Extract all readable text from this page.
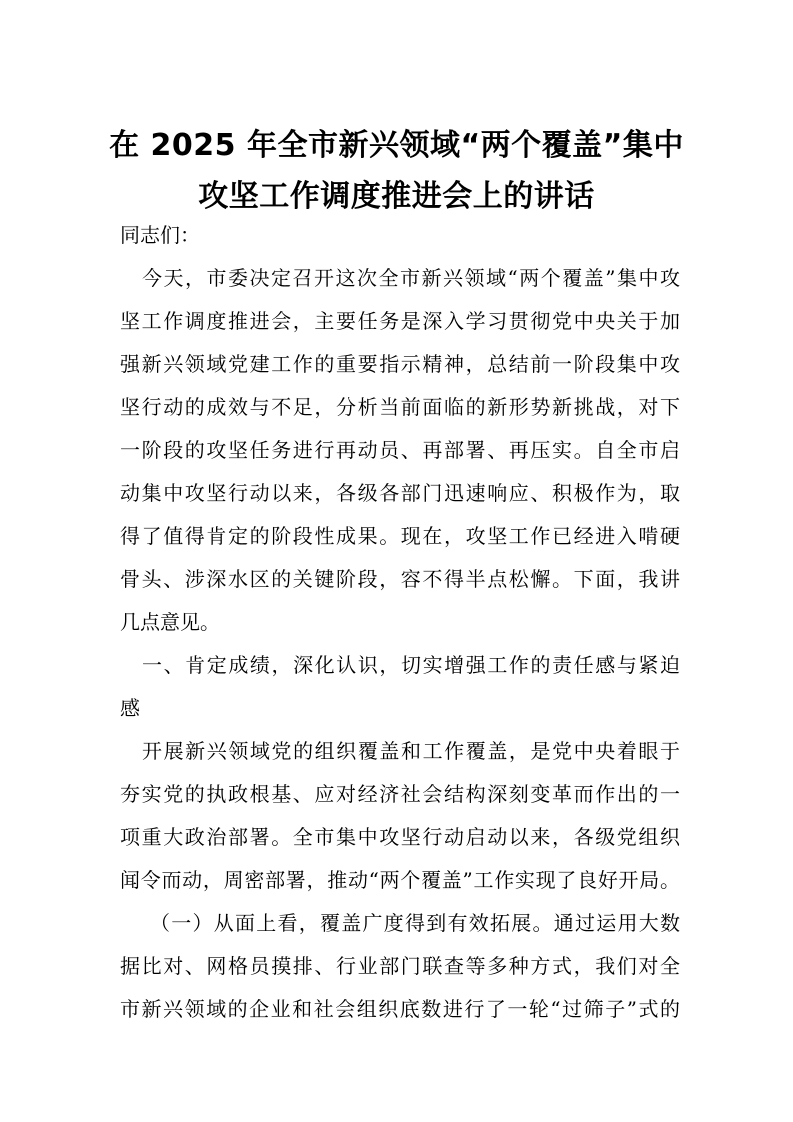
在 2025 年全市新兴领域“两个覆盖”集中
攻坚工作调度推进会上的讲话
同志们：
今天，市委决定召开这次全市新兴领域“两个覆盖”集中攻
坚工作调度推进会，主要任务是深入学习贯彻党中央关于加
强新兴领域党建工作的重要指示精神，总结前一阶段集中攻
坚行动的成效与不足，分析当前面临的新形势新挑战，对下
一阶段的攻坚任务进行再动员、再部署、再压实。自全市启
动集中攻坚行动以来，各级各部门迅速响应、积极作为，取
得了值得肯定的阶段性成果。现在，攻坚工作已经进入啃硬
骨头、涉深水区的关键阶段，容不得半点松懈。下面，我讲
几点意见。
一、肯定成绩，深化认识，切实增强工作的责任感与紧迫
感
开展新兴领域党的组织覆盖和工作覆盖，是党中央着眼于
夯实党的执政根基、应对经济社会结构深刻变革而作出的一
项重大政治部署。全市集中攻坚行动启动以来，各级党组织
闻令而动，周密部署，推动“两个覆盖”工作实现了良好开局。
（一）从面上看，覆盖广度得到有效拓展。通过运用大数
据比对、网格员摸排、行业部门联查等多种方式，我们对全
市新兴领域的企业和社会组织底数进行了一轮“过筛子”式的
